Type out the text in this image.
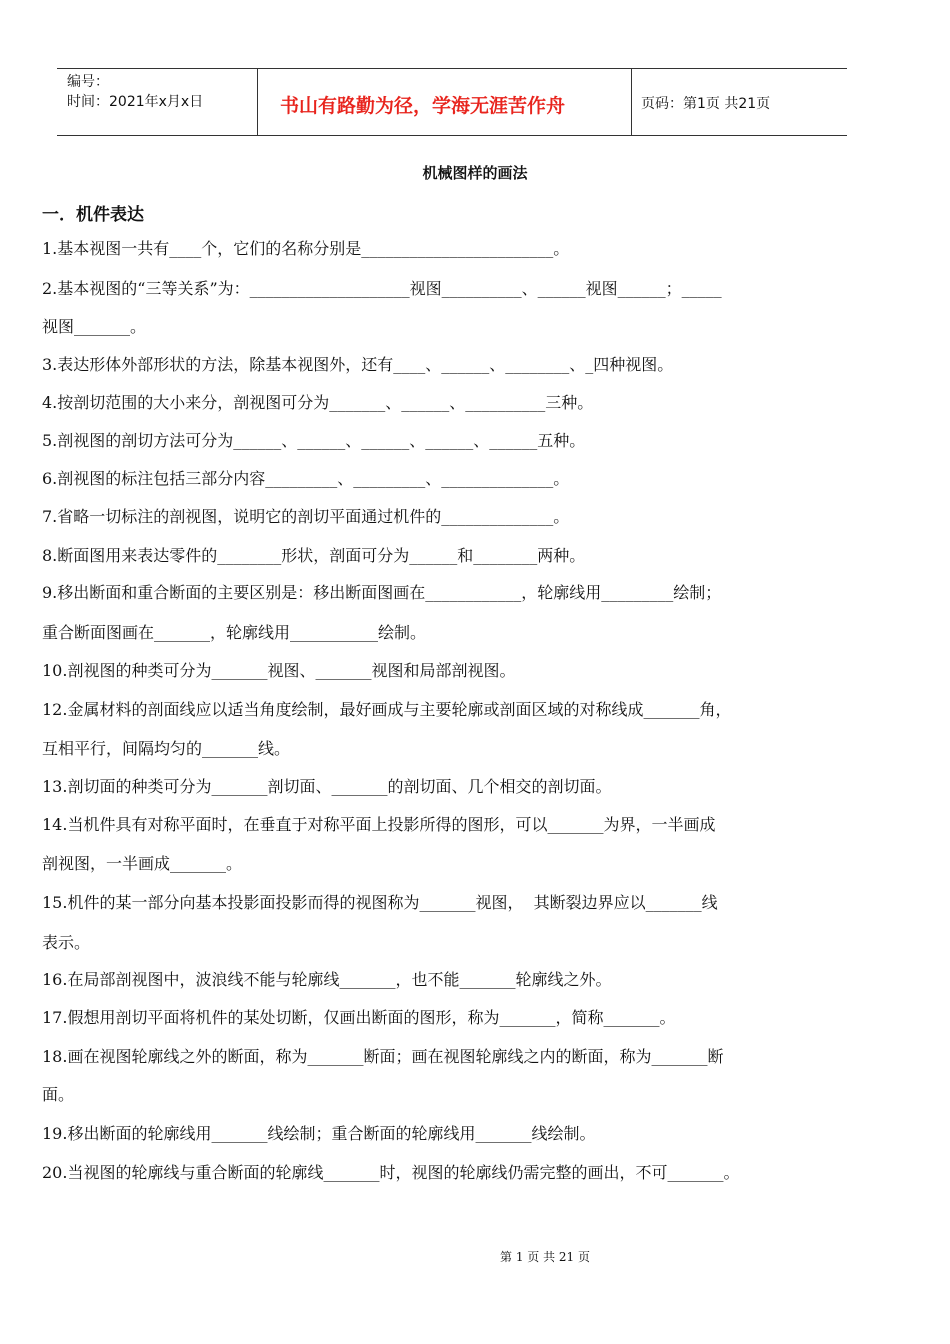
编号：
时间：2021年x月x日	书山有路勤为径，学海无涯苦作舟	页码：第1页 共21页
机械图样的画法
一．机件表达
1.基本视图一共有____个，它们的名称分别是________________________。
2.基本视图的“三等关系”为：____________________视图__________、______视图______；_____
视图_______。
3.表达形体外部形状的方法，除基本视图外，还有____、______、________、_四种视图。
4.按剖切范围的大小来分，剖视图可分为_______、______、__________三种。
5.剖视图的剖切方法可分为______、______、______、______、______五种。
6.剖视图的标注包括三部分内容_________、_________、______________。
7.省略一切标注的剖视图，说明它的剖切平面通过机件的______________。
8.断面图用来表达零件的________形状，剖面可分为______和________两种。
9.移出断面和重合断面的主要区别是：移出断面图画在____________，轮廓线用_________绘制；
重合断面图画在_______，轮廓线用___________绘制。
10.剖视图的种类可分为_______视图、_______视图和局部剖视图。
12.金属材料的剖面线应以适当角度绘制，最好画成与主要轮廓或剖面区域的对称线成_______角，
互相平行，间隔均匀的_______线。
13.剖切面的种类可分为_______剖切面、_______的剖切面、几个相交的剖切面。
14.当机件具有对称平面时，在垂直于对称平面上投影所得的图形，可以_______为界，一半画成
剖视图，一半画成_______。
15.机件的某一部分向基本投影面投影而得的视图称为_______视图，  其断裂边界应以_______线
表示。
16.在局部剖视图中，波浪线不能与轮廓线_______，也不能_______轮廓线之外。
17.假想用剖切平面将机件的某处切断，仅画出断面的图形，称为_______，简称_______。
18.画在视图轮廓线之外的断面，称为_______断面；画在视图轮廓线之内的断面，称为_______断
面。
19.移出断面的轮廓线用_______线绘制；重合断面的轮廓线用_______线绘制。
20.当视图的轮廓线与重合断面的轮廓线_______时，视图的轮廓线仍需完整的画出，不可_______。
第 1 页 共 21 页
